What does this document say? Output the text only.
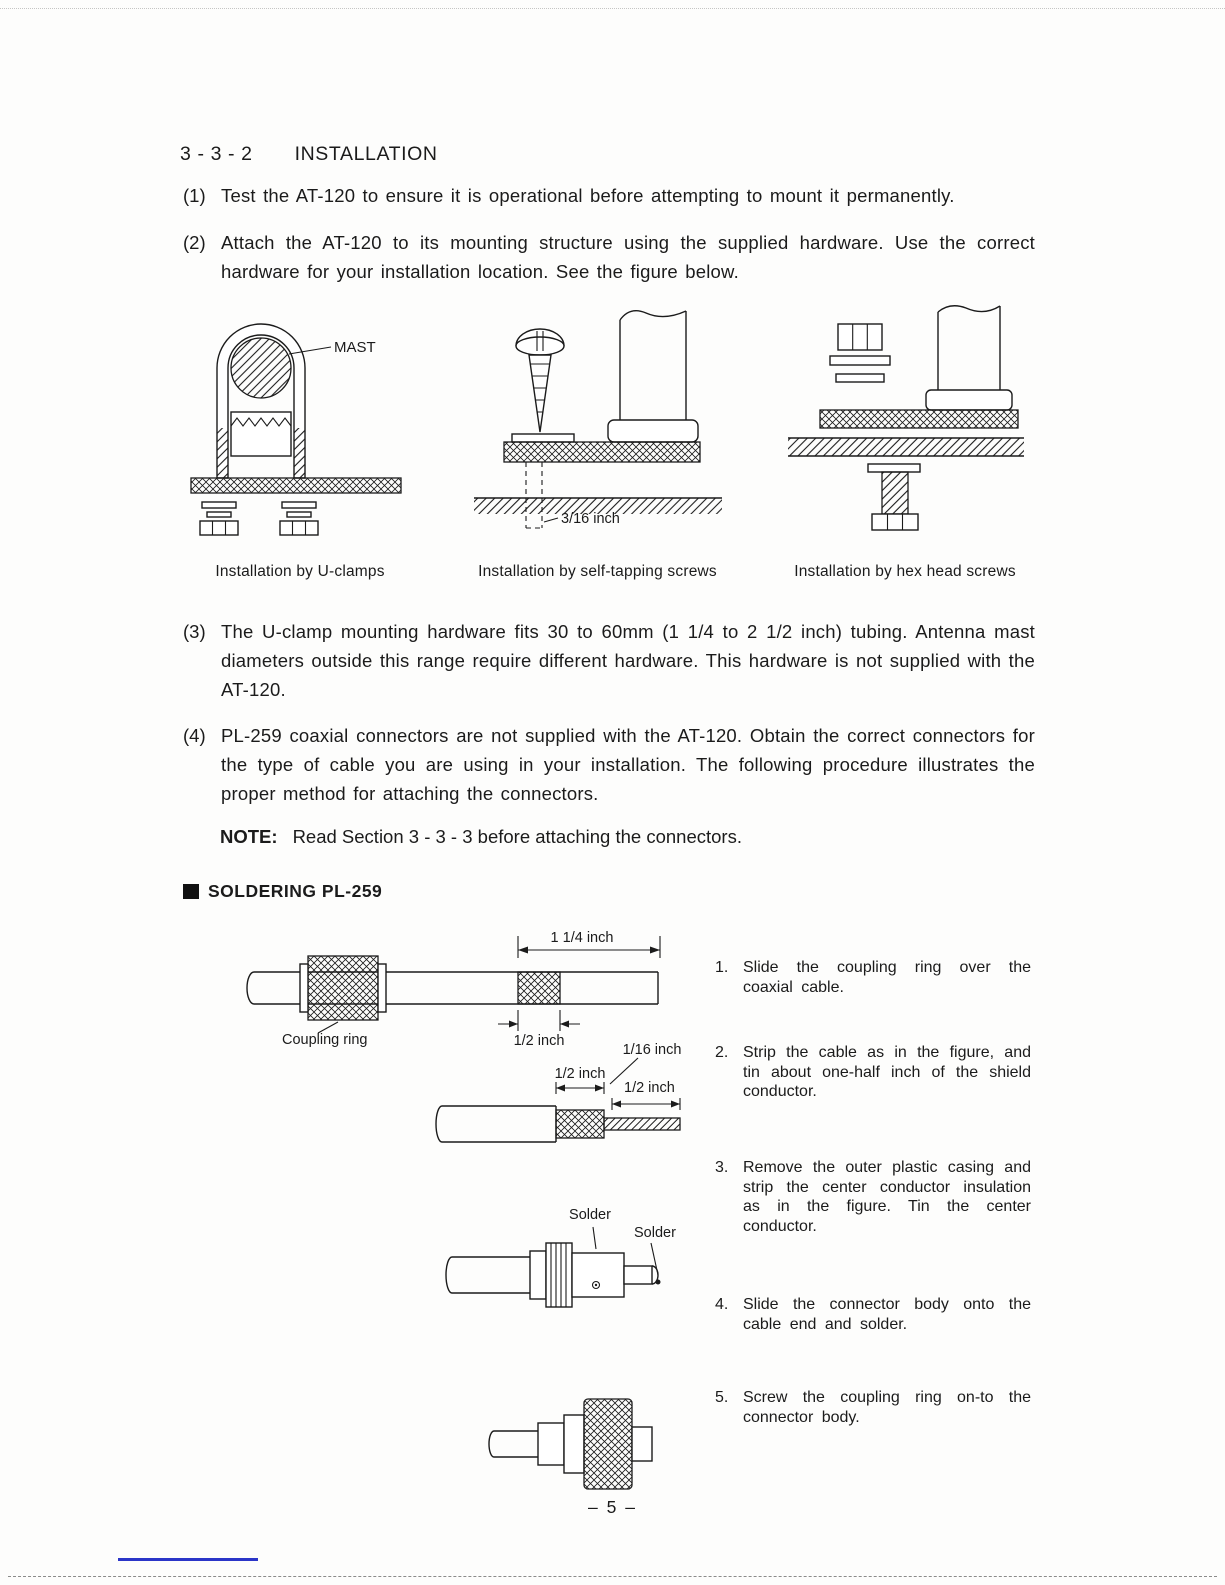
3 - 3 - 2 INSTALLATION
(1) Test the AT-120 to ensure it is operational before attempting to mount it permanently.
(2) Attach the AT-120 to its mounting structure using the supplied hardware. Use the correct hardware for your installation location. See the figure below.
MAST
Installation by U-clamps
3/16 inch
Installation by self-tapping screws	Installation by hex head screws
(3) The U-clamp mounting hardware fits 30 to 60mm (1 1/4 to 2 1/2 inch) tubing. Antenna mast diameters outside this range require different hardware. This hardware is not supplied with the AT-120.
(4) PL-259 coaxial connectors are not supplied with the AT-120. Obtain the correct connectors for the type of cable you are using in your installation. The following procedure illustrates the proper method for attaching the connectors.
NOTE: Read Section 3 - 3 - 3 before attaching the connectors.
SOLDERING PL-259
1 1/4 inch
1/2 inch
Coupling ring
1/2 inch
1/16 inch
1/2 inch
Solder
Solder
1. Slide the coupling ring over the coaxial cable.
2. Strip the cable as in the figure, and tin about one-half inch of the shield conductor.
3. Remove the outer plastic casing and strip the center conductor insulation as in the figure. Tin the center conductor.
4. Slide the connector body onto the cable end and solder.
5. Screw the coupling ring on-to the connector body.
– 5 –
